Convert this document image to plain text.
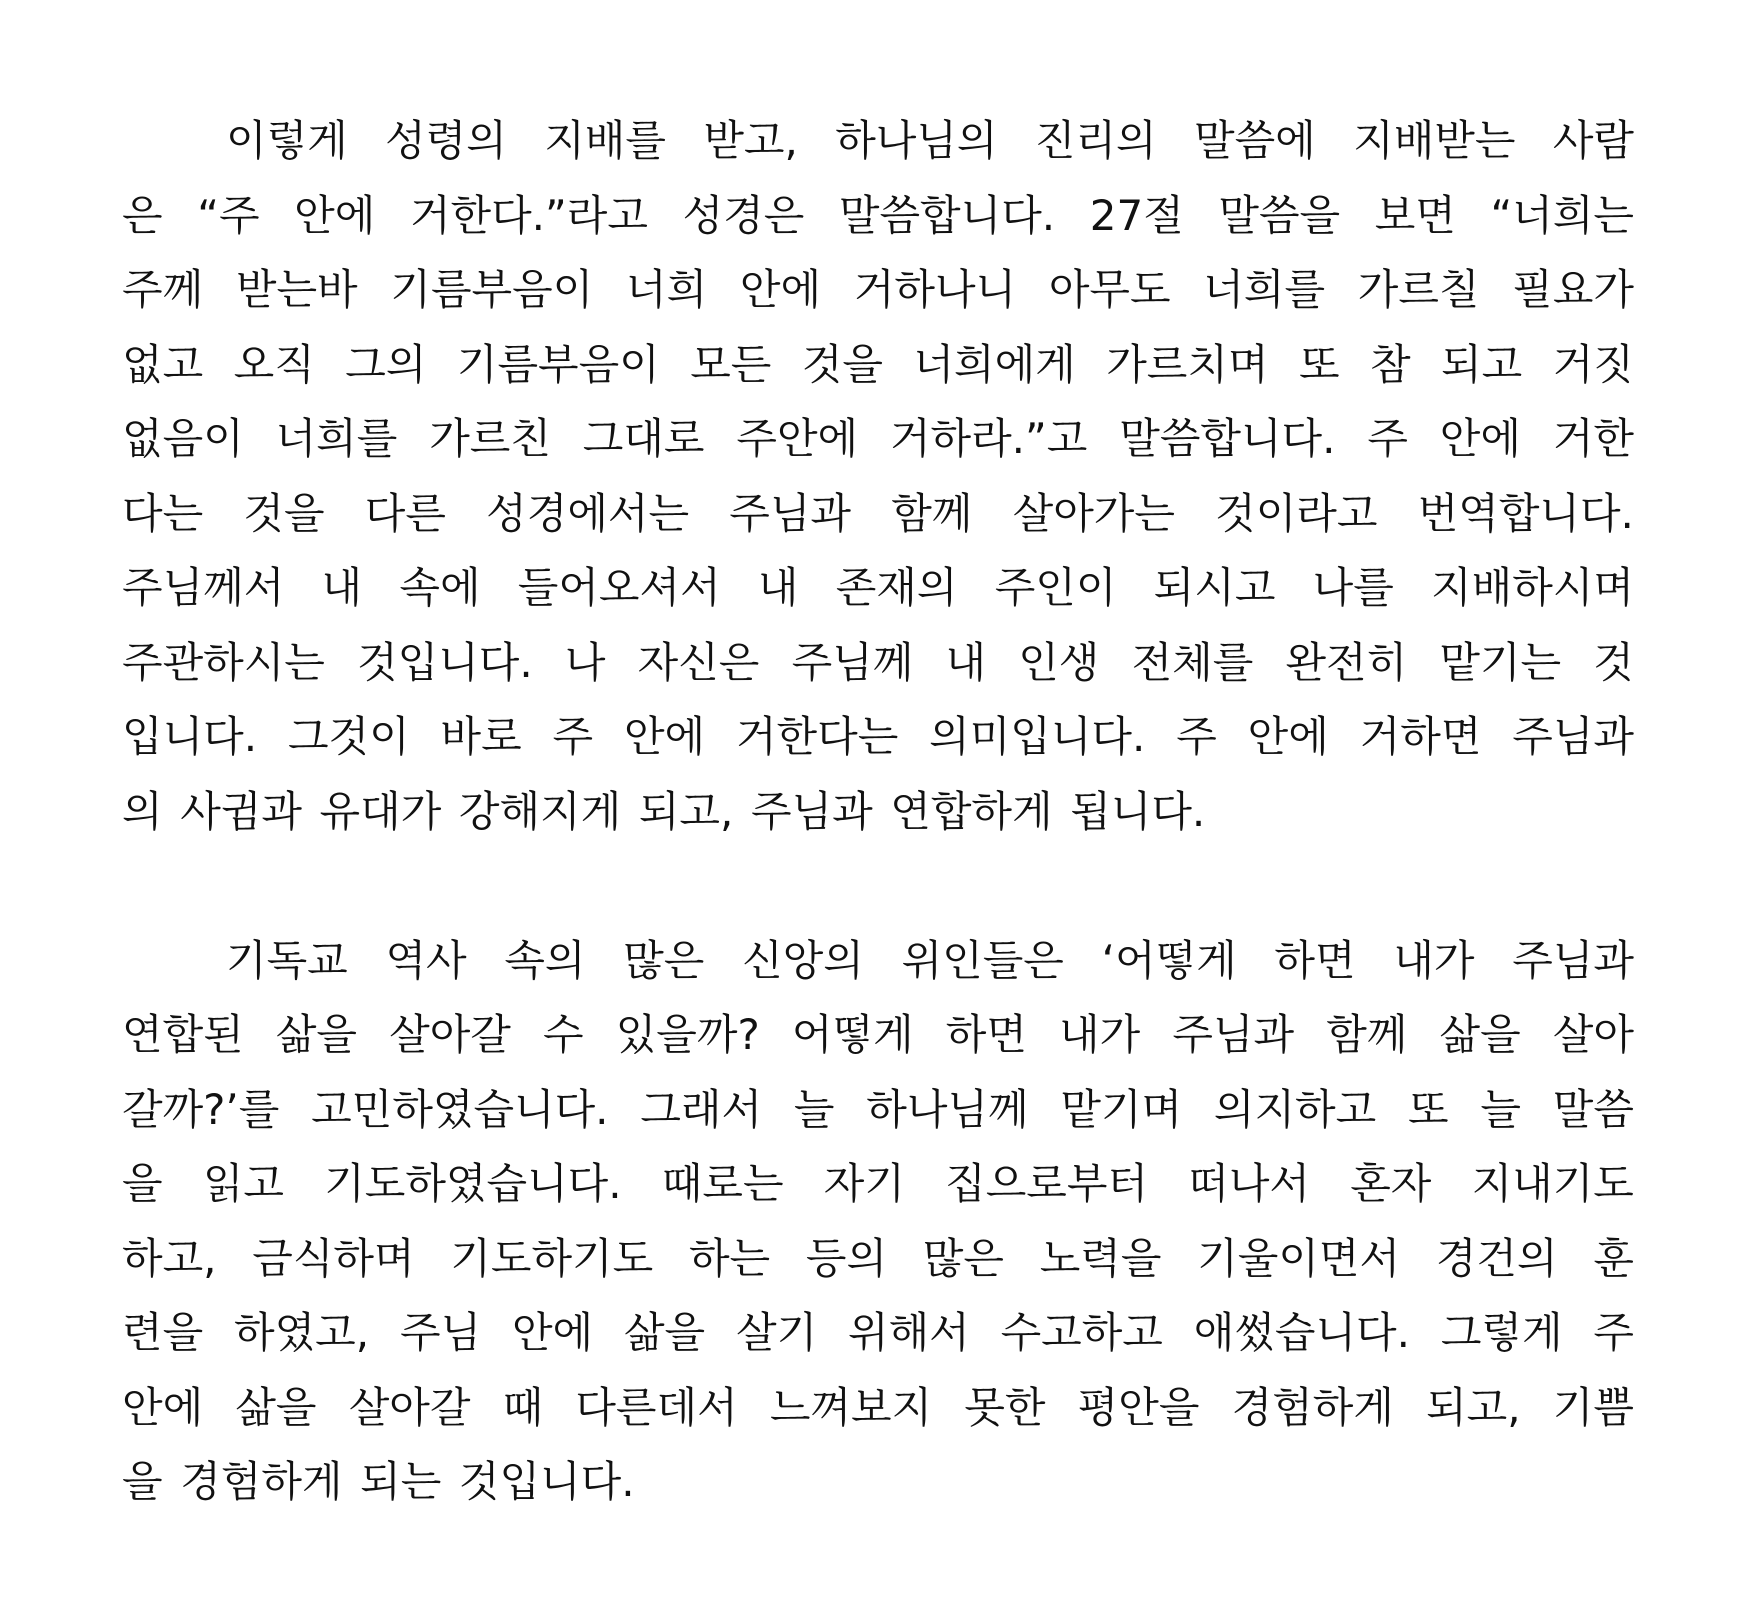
이렇게 성령의 지배를 받고, 하나님의 진리의 말씀에 지배받는 사람
은 “주 안에 거한다.”라고 성경은 말씀합니다. 27절 말씀을 보면 “너희는
주께 받는바 기름부음이 너희 안에 거하나니 아무도 너희를 가르칠 필요가
없고 오직 그의 기름부음이 모든 것을 너희에게 가르치며 또 참 되고 거짓
없음이 너희를 가르친 그대로 주안에 거하라.”고 말씀합니다. 주 안에 거한
다는 것을 다른 성경에서는 주님과 함께 살아가는 것이라고 번역합니다.
주님께서 내 속에 들어오셔서 내 존재의 주인이 되시고 나를 지배하시며
주관하시는 것입니다. 나 자신은 주님께 내 인생 전체를 완전히 맡기는 것
입니다. 그것이 바로 주 안에 거한다는 의미입니다. 주 안에 거하면 주님과
의 사귐과 유대가 강해지게 되고, 주님과 연합하게 됩니다.
기독교 역사 속의 많은 신앙의 위인들은 ‘어떻게 하면 내가 주님과
연합된 삶을 살아갈 수 있을까? 어떻게 하면 내가 주님과 함께 삶을 살아
갈까?’를 고민하였습니다. 그래서 늘 하나님께 맡기며 의지하고 또 늘 말씀
을 읽고 기도하였습니다. 때로는 자기 집으로부터 떠나서 혼자 지내기도
하고, 금식하며 기도하기도 하는 등의 많은 노력을 기울이면서 경건의 훈
련을 하였고, 주님 안에 삶을 살기 위해서 수고하고 애썼습니다. 그렇게 주
안에 삶을 살아갈 때 다른데서 느껴보지 못한 평안을 경험하게 되고, 기쁨
을 경험하게 되는 것입니다.
